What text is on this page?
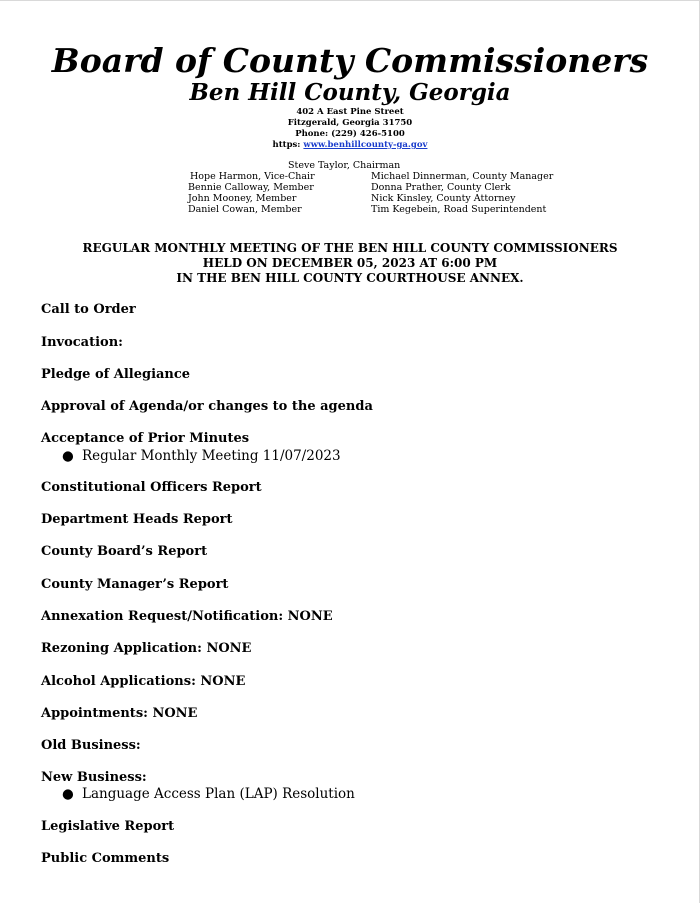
Board of County Commissioners
Ben Hill County, Georgia
402 A East Pine Street
Fitzgerald, Georgia 31750
Phone: (229) 426-5100
https: www.benhillcounty-ga.gov
Steve Taylor, Chairman
Hope Harmon, Vice-Chair
Bennie Calloway, Member
John Mooney, Member
Daniel Cowan, Member
Michael Dinnerman, County Manager
Donna Prather, County Clerk
Nick Kinsley, County Attorney
Tim Kegebein, Road Superintendent
REGULAR MONTHLY MEETING OF THE BEN HILL COUNTY COMMISSIONERS
HELD ON DECEMBER 05, 2023 AT 6:00 PM
IN THE BEN HILL COUNTY COURTHOUSE ANNEX.
Call to Order
Invocation:
Pledge of Allegiance
Approval of Agenda/or changes to the agenda
Acceptance of Prior Minutes
● Regular Monthly Meeting 11/07/2023
Constitutional Officers Report
Department Heads Report
County Board’s Report
County Manager’s Report
Annexation Request/Notification: NONE
Rezoning Application: NONE
Alcohol Applications: NONE
Appointments: NONE
Old Business:
New Business:
● Language Access Plan (LAP) Resolution
Legislative Report
Public Comments
